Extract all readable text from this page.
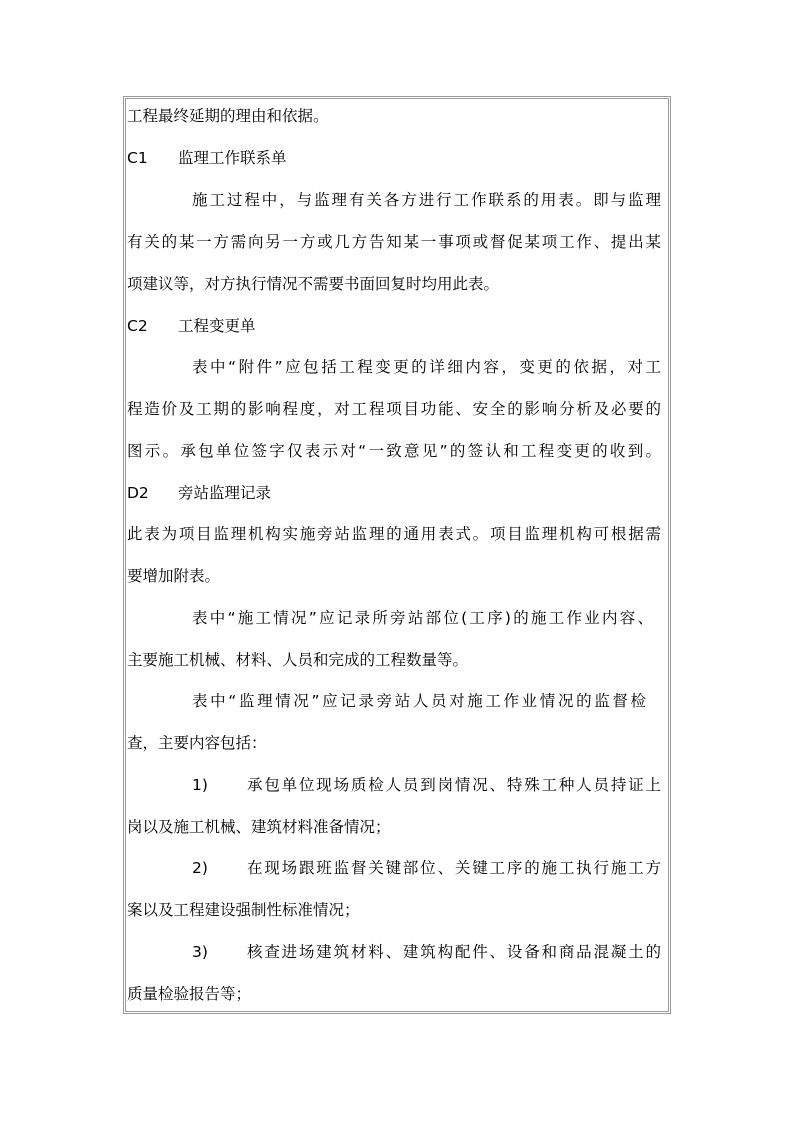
工程最终延期的理由和依据。
C1 监理工作联系单
施工过程中，与监理有关各方进行工作联系的用表。即与监理
有关的某一方需向另一方或几方告知某一事项或督促某项工作、提出某
项建议等，对方执行情况不需要书面回复时均用此表。
C2 工程变更单
表中“附件”应包括工程变更的详细内容，变更的依据，对工
程造价及工期的影响程度，对工程项目功能、安全的影响分析及必要的
图示。承包单位签字仅表示对“一致意见”的签认和工程变更的收到。
D2 旁站监理记录
此表为项目监理机构实施旁站监理的通用表式。项目监理机构可根据需
要增加附表。
表中“施工情况”应记录所旁站部位(工序)的施工作业内容、
主要施工机械、材料、人员和完成的工程数量等。
表中“监理情况”应记录旁站人员对施工作业情况的监督检
查，主要内容包括：
1)	承包单位现场质检人员到岗情况、特殊工种人员持证上
岗以及施工机械、建筑材料准备情况；
2)	在现场跟班监督关键部位、关键工序的施工执行施工方
案以及工程建设强制性标准情况；
3)	核查进场建筑材料、建筑构配件、设备和商品混凝土的
质量检验报告等；
